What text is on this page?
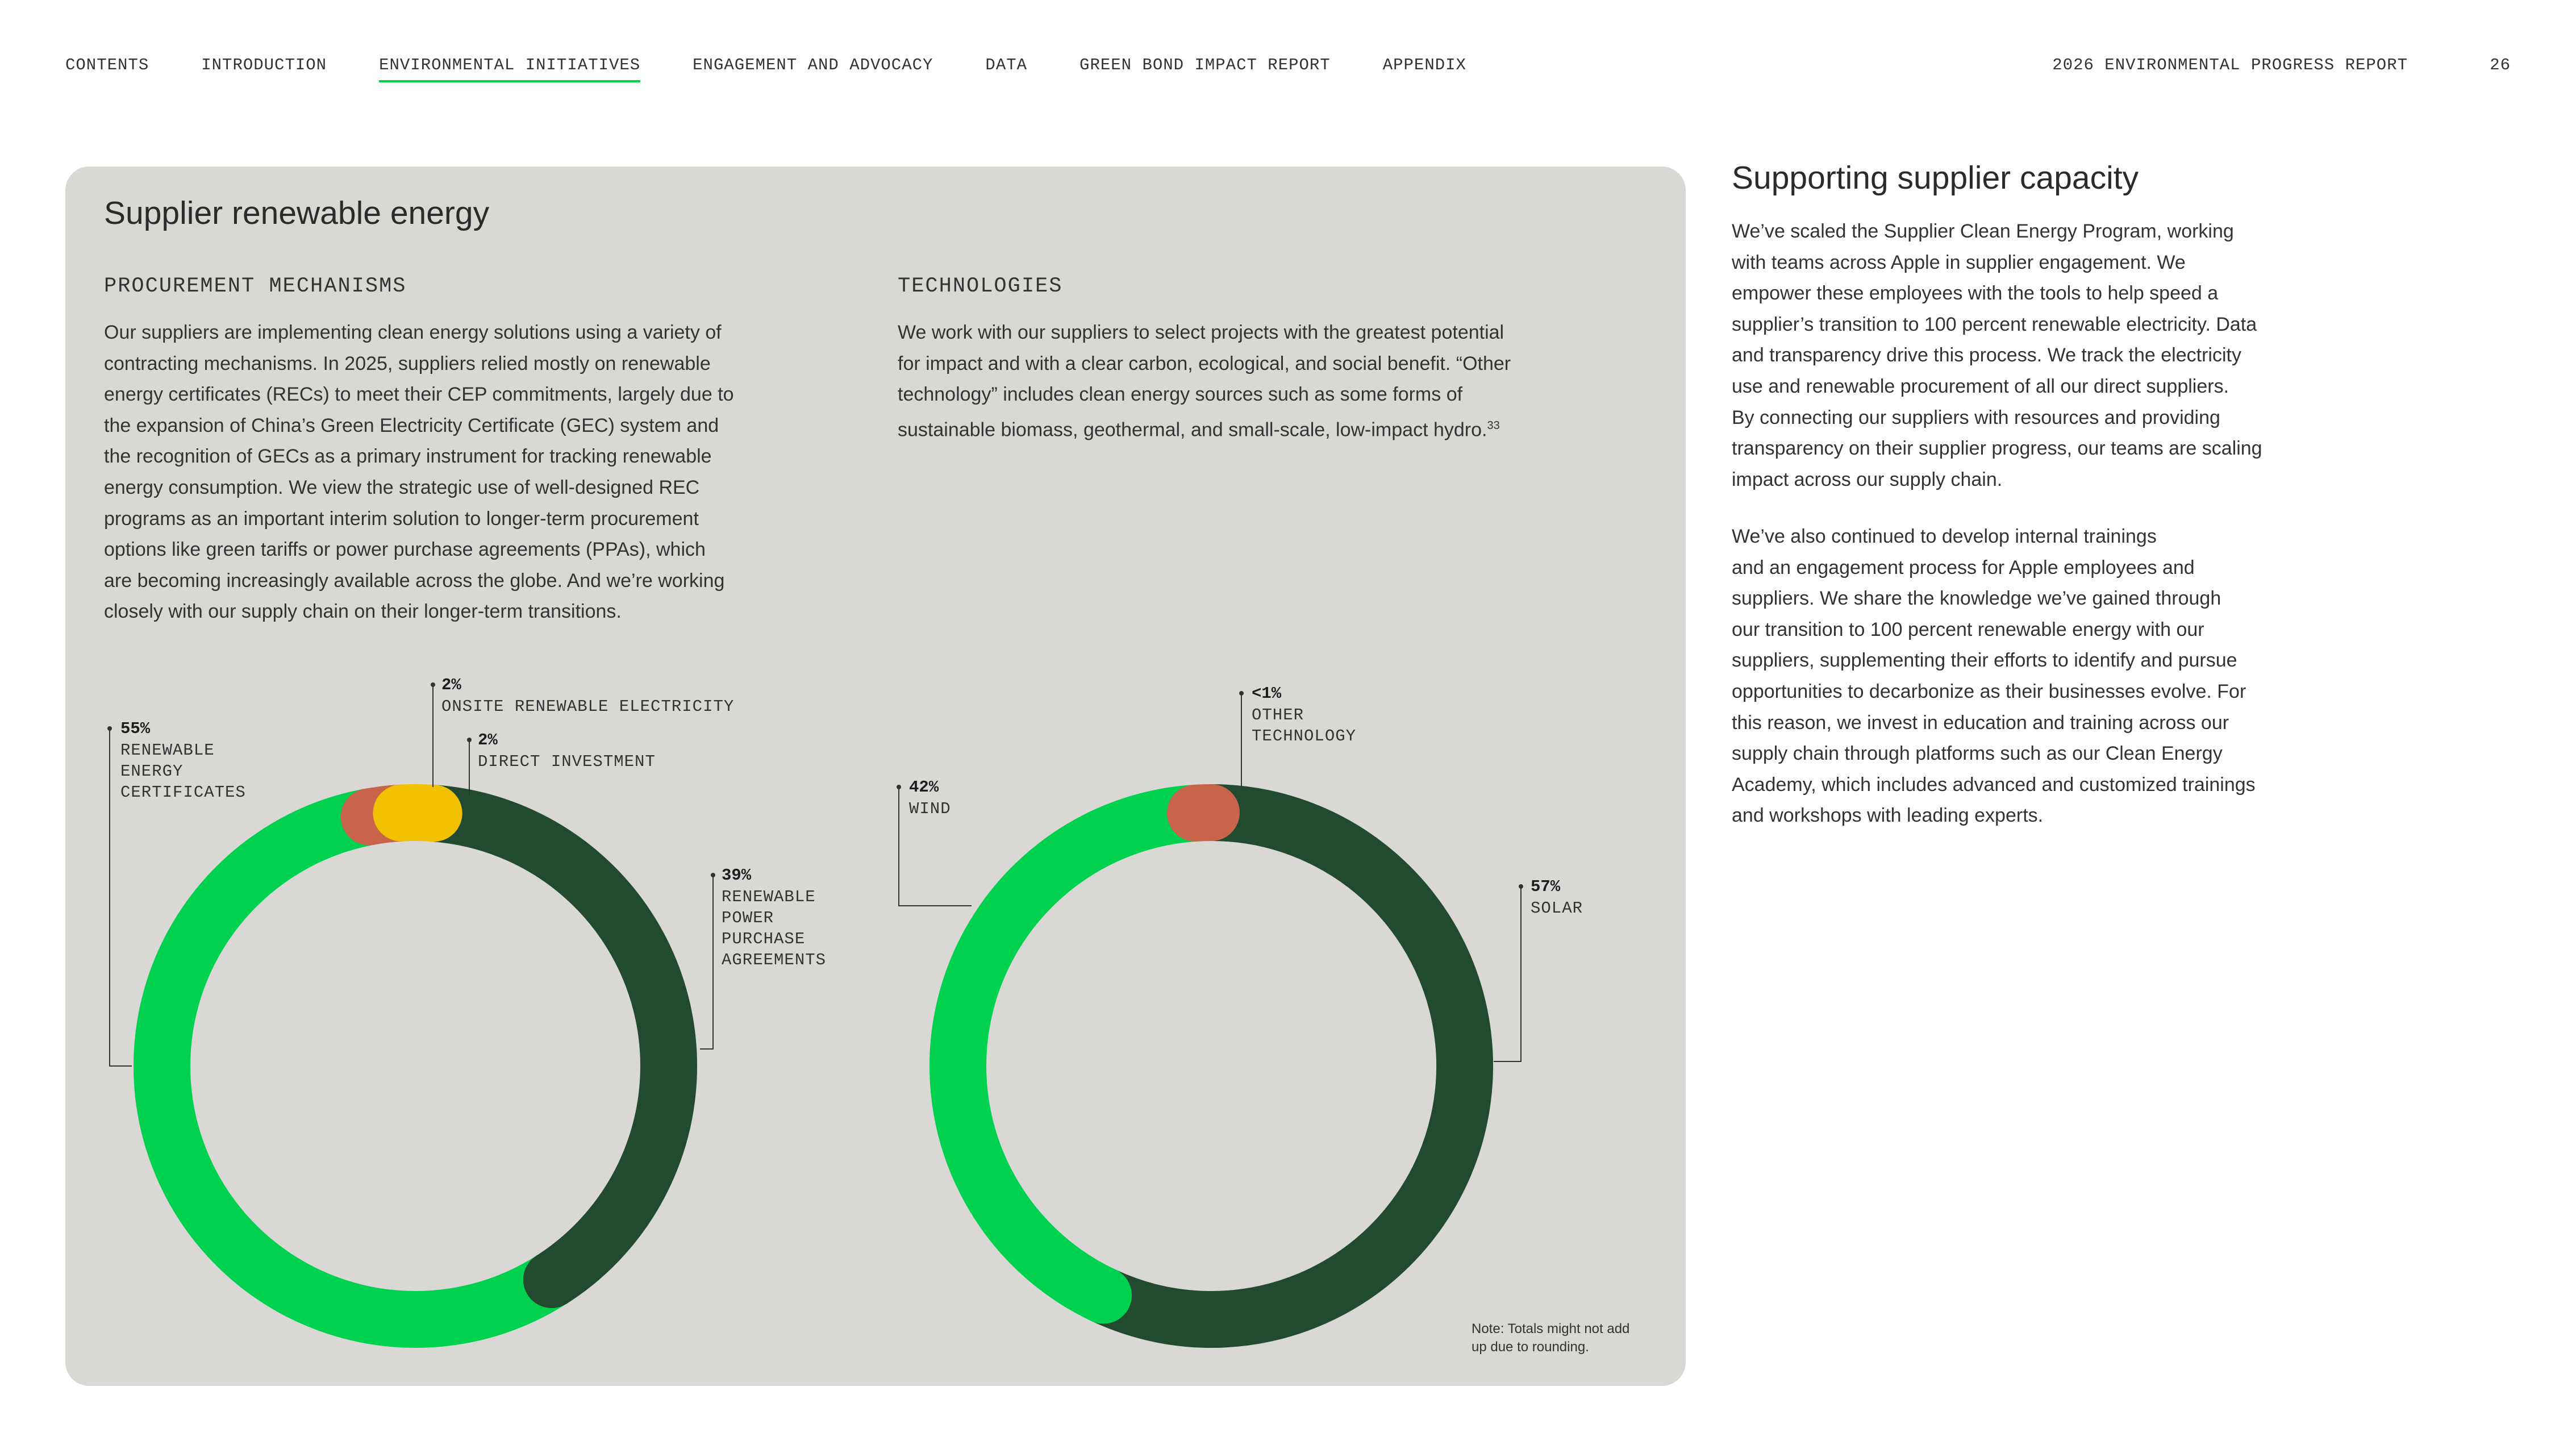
CONTENTS	INTRODUCTION	ENVIRONMENTAL INITIATIVES	ENGAGEMENT AND ADVOCACY	DATA	GREEN BOND IMPACT REPORT	APPENDIX	2026 ENVIRONMENTAL PROGRESS REPORT	26
Supplier renewable energy
PROCUREMENT MECHANISMS
Our suppliers are implementing clean energy solutions using a variety of
contracting mechanisms. In 2025, suppliers relied mostly on renewable
energy certificates (RECs) to meet their CEP commitments, largely due to
the expansion of China’s Green Electricity Certificate (GEC) system and
the recognition of GECs as a primary instrument for tracking renewable
energy consumption. We view the strategic use of well-designed REC
programs as an important interim solution to longer-term procurement
options like green tariffs or power purchase agreements (PPAs), which
are becoming increasingly available across the globe. And we’re working
closely with our supply chain on their longer-term transitions.
TECHNOLOGIES
We work with our suppliers to select projects with the greatest potential
for impact and with a clear carbon, ecological, and social benefit. “Other
technology” includes clean energy sources such as some forms of
sustainable biomass, geothermal, and small-scale, low-impact hydro.$^{33}$
2%
ONSITE RENEWABLE ELECTRICITY
2%
DIRECT INVESTMENT
39%
RENEWABLE POWER PURCHASE AGREEMENTS
55%
RENEWABLE ENERGY CERTIFICATES
<1%
OTHER TECHNOLOGY
57%
SOLAR
42%
WIND
Note: Totals might not add up due to rounding.
Supporting supplier capacity
We’ve scaled the Supplier Clean Energy Program, working
with teams across Apple in supplier engagement. We
empower these employees with the tools to help speed a
supplier’s transition to 100 percent renewable electricity. Data
and transparency drive this process. We track the electricity
use and renewable procurement of all our direct suppliers.
By connecting our suppliers with resources and providing
transparency on their supplier progress, our teams are scaling
impact across our supply chain.
We’ve also continued to develop internal trainings
and an engagement process for Apple employees and
suppliers. We share the knowledge we’ve gained through
our transition to 100 percent renewable energy with our
suppliers, supplementing their efforts to identify and pursue
opportunities to decarbonize as their businesses evolve. For
this reason, we invest in education and training across our
supply chain through platforms such as our Clean Energy
Academy, which includes advanced and customized trainings
and workshops with leading experts.
